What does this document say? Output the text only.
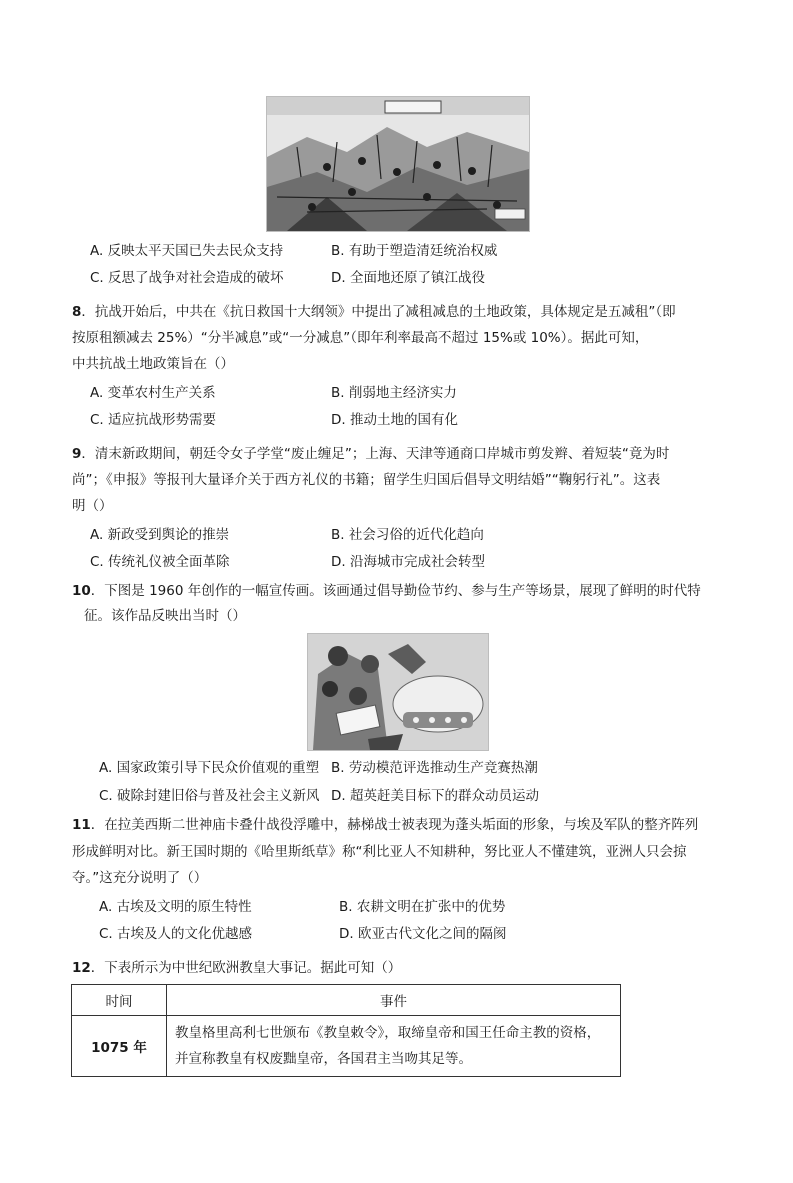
A. 反映太平天国已失去民众支持	B. 有助于塑造清廷统治权威
C. 反思了战争对社会造成的破坏	D. 全面地还原了镇江战役
8．抗战开始后，中共在《抗日救国十大纲领》中提出了减租减息的土地政策，具体规定是五减租”（即
按原租额减去 25%）“分半减息”或“一分减息”（即年利率最高不超过 15%或 10%）。据此可知，
中共抗战土地政策旨在（）
A. 变革农村生产关系	B. 削弱地主经济实力
C. 适应抗战形势需要	D. 推动土地的国有化
9．清末新政期间，朝廷令女子学堂“废止缠足”；上海、天津等通商口岸城市剪发辫、着短装“竟为时
尚”；《申报》等报刊大量译介关于西方礼仪的书籍；留学生归国后倡导文明结婚”“鞠躬行礼”。这表
明（）
A. 新政受到舆论的推崇	B. 社会习俗的近代化趋向
C. 传统礼仪被全面革除	D. 沿海城市完成社会转型
10．下图是 1960 年创作的一幅宣传画。该画通过倡导勤俭节约、参与生产等场景，展现了鲜明的时代特
征。该作品反映出当时（）
A. 国家政策引导下民众价值观的重塑 B. 劳动模范评选推动生产竞赛热潮
C. 破除封建旧俗与普及社会主义新风 D. 超英赶美目标下的群众动员运动
11．在拉美西斯二世神庙卡叠什战役浮雕中，赫梯战士被表现为蓬头垢面的形象，与埃及军队的整齐阵列
形成鲜明对比。新王国时期的《哈里斯纸草》称“利比亚人不知耕种，努比亚人不懂建筑，亚洲人只会掠
夺。”这充分说明了（）
A. 古埃及文明的原生特性	B. 农耕文明在扩张中的优势
C. 古埃及人的文化优越感	D. 欧亚古代文化之间的隔阂
12．下表所示为中世纪欧洲教皇大事记。据此可知（）
时间	事件
1075 年	教皇格里高利七世颁布《教皇敕令》，取缔皇帝和国王任命主教的资格，
并宣称教皇有权废黜皇帝，各国君主当吻其足等。
